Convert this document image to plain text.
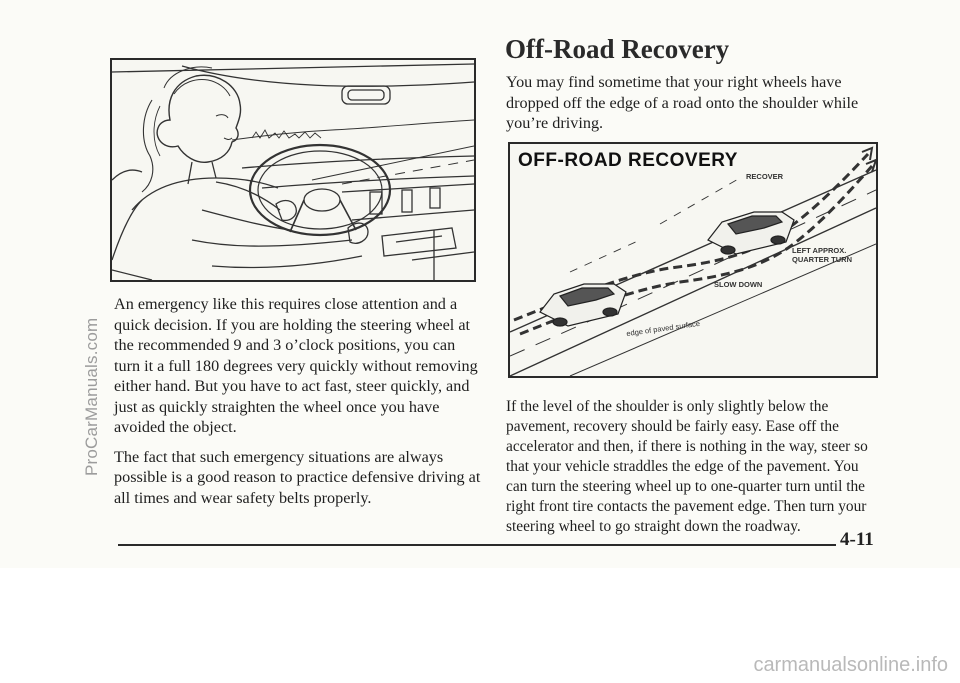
ProCarManuals.com

An emergency like this requires close attention and a quick decision. If you are holding the steering wheel at the recommended 9 and 3 o’clock positions, you can turn it a full 180 degrees very quickly without removing either hand. But you have to act fast, steer quickly, and just as quickly straighten the wheel once you have avoided the object.

The fact that such emergency situations are always possible is a good reason to practice defensive driving at all times and wear safety belts properly.

Off-Road Recovery

You may find sometime that your right wheels have dropped off the edge of a road onto the shoulder while you’re driving.

OFF-ROAD RECOVERY
RECOVER
LEFT APPROX.
QUARTER TURN
SLOW DOWN
edge of paved surface

If the level of the shoulder is only slightly below the pavement, recovery should be fairly easy. Ease off the accelerator and then, if there is nothing in the way, steer so that your vehicle straddles the edge of the pavement. You can turn the steering wheel up to one-quarter turn until the right front tire contacts the pavement edge. Then turn your steering wheel to go straight down the roadway.

4-11
carmanualsonline.info
